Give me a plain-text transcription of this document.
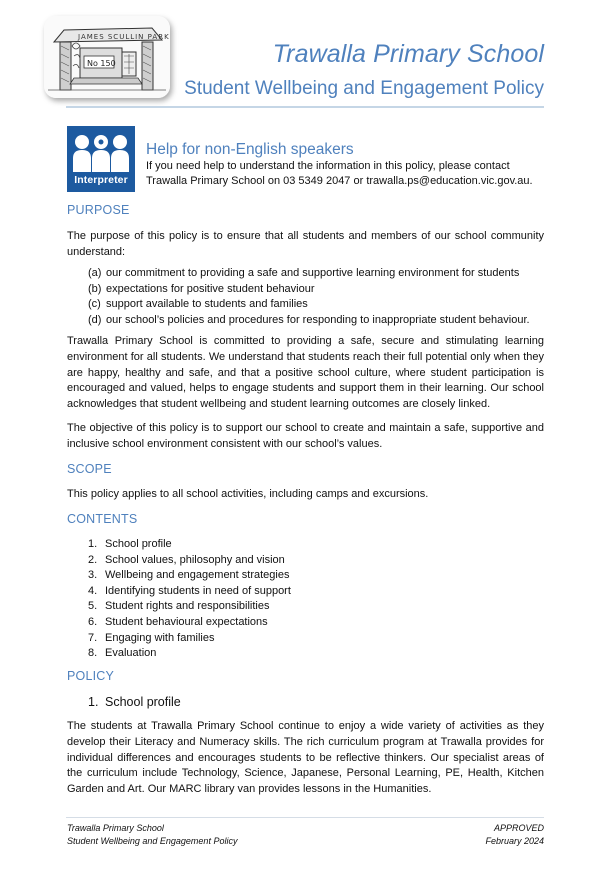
JAMES SCULLIN PARK
No 150	Trawalla Primary School
Student Wellbeing and Engagement Policy
Interpreter
Help for non-English speakers
If you need help to understand the information in this policy, please contact
Trawalla Primary School on 03 5349 2047 or trawalla.ps@education.vic.gov.au.
PURPOSE
The purpose of this policy is to ensure that all students and members of our school community understand:
(a) our commitment to providing a safe and supportive learning environment for students
(b) expectations for positive student behaviour
(c) support available to students and families
(d) our school’s policies and procedures for responding to inappropriate student behaviour.
Trawalla Primary School is committed to providing a safe, secure and stimulating learning environment for all students. We understand that students reach their full potential only when they are happy, healthy and safe, and that a positive school culture, where student participation is encouraged and valued, helps to engage students and support them in their learning. Our school acknowledges that student wellbeing and student learning outcomes are closely linked.
The objective of this policy is to support our school to create and maintain a safe, supportive and inclusive school environment consistent with our school’s values.
SCOPE
This policy applies to all school activities, including camps and excursions.
CONTENTS
1. School profile
2. School values, philosophy and vision
3. Wellbeing and engagement strategies
4. Identifying students in need of support
5. Student rights and responsibilities
6. Student behavioural expectations
7. Engaging with families
8. Evaluation
POLICY
1. School profile
The students at Trawalla Primary School continue to enjoy a wide variety of activities as they develop their Literacy and Numeracy skills. The rich curriculum program at Trawalla provides for individual differences and encourages students to be reflective thinkers. Our specialist areas of the curriculum include Technology, Science, Japanese, Personal Learning, PE, Health, Kitchen Garden and Art. Our MARC library van provides lessons in the Humanities.
Trawalla Primary School
Student Wellbeing and Engagement Policy
APPROVED
February 2024
